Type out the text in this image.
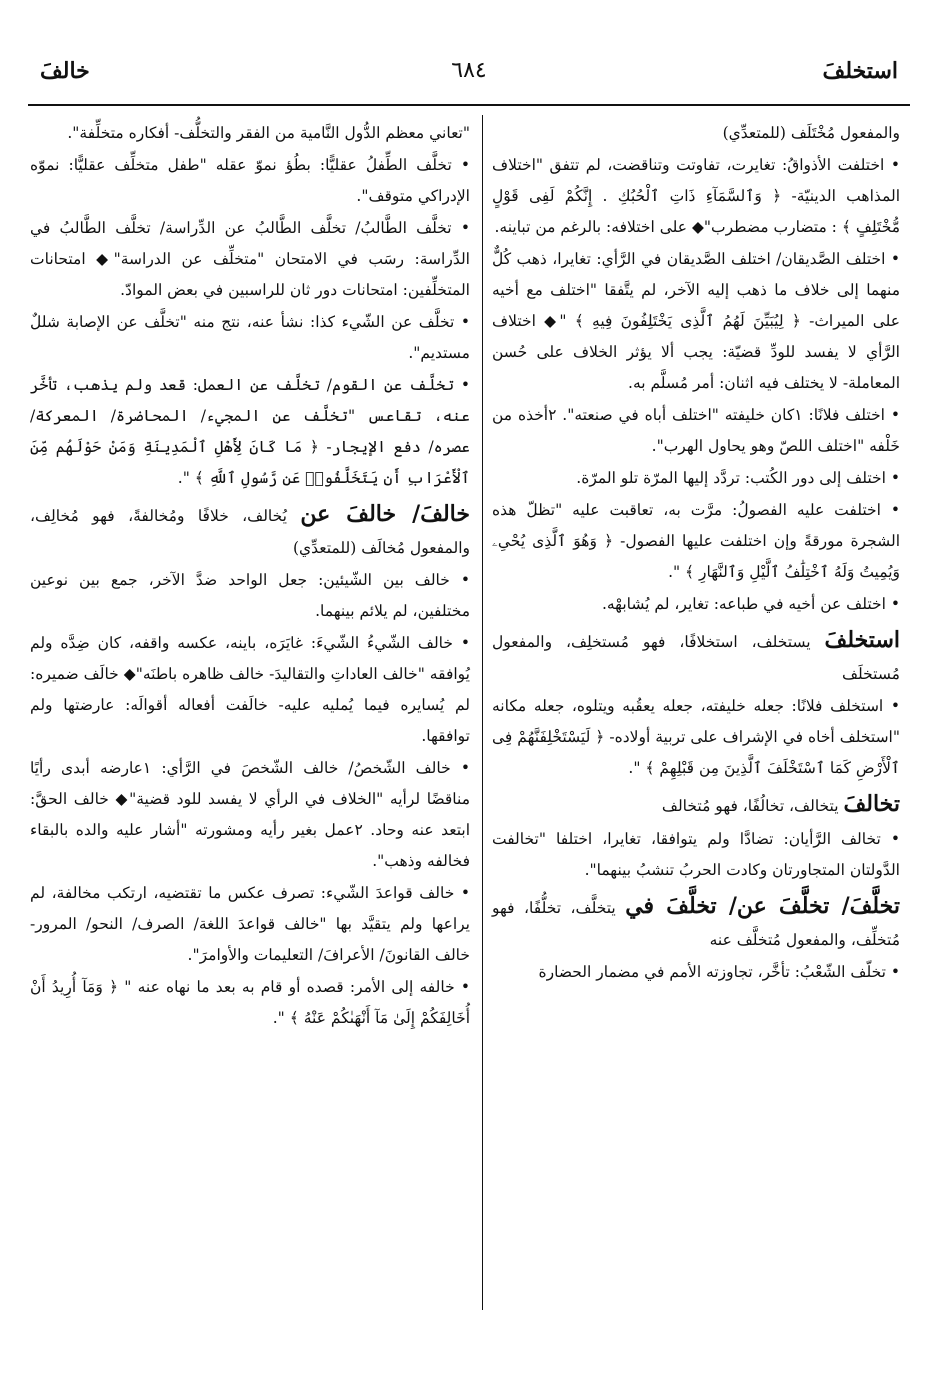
استخلفَ
٦٨٤
خالفَ

والمفعول مُخْتَلَف (للمتعدِّي)

• اختلفت الأذواقُ: تغايرت، تفاوتت وتناقضت، لم تتفق "اختلاف المذاهب الدينيّة- ﴿ وَٱلسَّمَآءِ ذَاتِ ٱلْحُبُكِ . إِنَّكُمْ لَفِى قَوْلٍ مُّخْتَلِفٍ ﴾ : متضارب مضطرب"◆ على اختلافه: بالرغم من تباينه.

• اختلف الصَّديقان/ اختلف الصَّديقان في الرَّأي: تغايرا، ذهب كُلٌّ منهما إلى خلاف ما ذهب إليه الآخر، لم يتَّفقا "اختلف مع أخيه على الميراث- ﴿ لِيُبَيِّنَ لَهُمُ ٱلَّذِى يَخْتَلِفُونَ فِيهِ ﴾ "◆ اختلاف الرَّأي لا يفسد للودِّ قضيّة: يجب ألا يؤثر الخلاف على حُسن المعاملة- لا يختلف فيه اثنان: أمر مُسلَّم به.

• اختلف فلانًا: ١كان خليفته "اختلف أباه في صنعته". ٢أخذه من خَلْفه "اختلف اللصّ وهو يحاول الهرب".

• اختلف إلى دور الكُتب: تردَّد إليها المرّة تلو المرّة.

• اختلفت عليه الفصولُ: مرَّت به، تعاقبت عليه "تظلّ هذه الشجرة مورقةً وإن اختلفت عليها الفصول- ﴿ وَهُوَ ٱلَّذِى يُحْىِۦ وَيُمِيتُ وَلَهُ ٱخْتِلَٰفُ ٱلَّيْلِ وَٱلنَّهَارِ ﴾ ".

• اختلف عن أخيه في طباعه: تغاير، لم يُشابهْه.

استخلفَ يستخلف، استخلافًا، فهو مُستخلِف، والمفعول مُستخلَف

• استخلف فلانًا: جعله خليفته، جعله يعقُبه ويتلوه، جعله مكانه "استخلف أخاه في الإشراف على تربية أولاده- ﴿ لَيَسْتَخْلِفَنَّهُمْ فِى ٱلْأَرْضِ كَمَا ٱسْتَخْلَفَ ٱلَّذِينَ مِن قَبْلِهِمْ ﴾ ".

تخالفَ يتخالف، تخالُفًا، فهو مُتخالف

• تخالف الرَّأيان: تضادَّا ولم يتوافقا، تغايرا، اختلفا "تخالفت الدَّولتان المتجاورتان وكادت الحربُ تنشبُ بينهما".

تخلَّفَ/ تخلَّفَ عن/ تخلَّفَ في يتخلَّف، تخلُّفًا، فهو مُتخلِّف، والمفعول مُتخلَّف عنه

• تخلّف الشّعْبُ: تأخَّر، تجاوزته الأمم في مضمار الحضارة

"تعاني معظم الدُّول النَّامية من الفقر والتخلُّف- أفكاره متخلِّفة".

• تخلَّف الطِّفلُ عقليًّا: بطُؤ نموّ عقله "طفل متخلِّف عقليًّا: نموّه الإدراكي متوقف".

• تخلَّف الطَّالبُ/ تخلَّف الطَّالبُ عن الدِّراسة/ تخلَّف الطَّالبُ في الدِّراسة: رسَب في الامتحان "متخلِّف عن الدراسة"◆ امتحانات المتخلِّفين: امتحانات دور ثان للراسبين في بعض الموادّ.

• تخلَّف عن الشّيء كذا: نشأ عنه، نتج منه "تخلَّف عن الإصابة شللٌ مستديم".

• تخلَّف عن القوم/ تخلَّف عن العمل: قعد ولم يذهب، تأخَّر عنه، تقاعس "تخلَّف عن المجيء/ المحاضرة/ المعركة/ عصره/ دفع الإيجار- ﴿ مَا كَانَ لِأَهْلِ ٱلْمَدِينَةِ وَمَنْ حَوْلَهُم مِّنَ ٱلْأَعْرَابِ أَن يَتَخَلَّفُوا۟ عَن رَّسُولِ ٱللَّهِ ﴾ ".

خالفَ/ خالفَ عن يُخالف، خلافًا ومُخالفةً، فهو مُخالِف، والمفعول مُخالَف (للمتعدِّي)

• خالف بين الشّيئين: جعل الواحد ضدَّ الآخر، جمع بين نوعين مختلفين، لم يلائم بينهما.

• خالف الشّيءُ الشّيءَ: غايَرَه، باينه، عكسه واقفه، كان ضِدَّه ولم يُوافقه "خالف العاداتِ والتقاليدَ- خالف ظاهره باطنَه"◆ خالَف ضميره: لم يُسايره فيما يُمليه عليه- خالَفت أفعاله أقوالَه: عارضتها ولم توافقها.

• خالف الشّخصُ/ خالف الشّخصَ في الرَّأي: ١عارضه أبدى رأيًا مناقضًا لرأيه "الخلاف في الرأي لا يفسد للود قضية"◆ خالف الحقَّ: ابتعد عنه وحاد. ٢عمل بغير رأيه ومشورته "أشار عليه والده بالبقاء فخالفه وذهب".

• خالف قواعدَ الشّيء: تصرف عكس ما تقتضيه، ارتكب مخالفة، لم يراعها ولم يتقيَّد بها "خالف قواعدَ اللغة/ الصرف/ النحو/ المرور- خالف القانونَ/ الأعرافَ/ التعليمات والأوامرَ".

• خالفه إلى الأمر: قصده أو قام به بعد ما نهاه عنه " ﴿ وَمَآ أُرِيدُ أَنْ أُخَالِفَكُمْ إِلَىٰ مَآ أَنْهَىٰكُمْ عَنْهُ ﴾ ".
